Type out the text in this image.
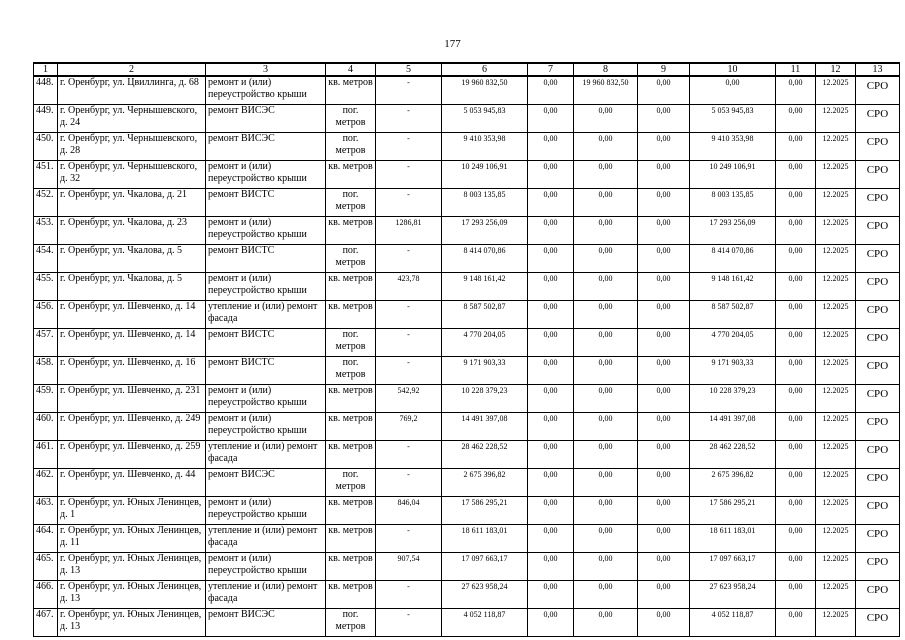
177
1	2	3	4	5	6	7	8	9	10	11	12	13
448.	г. Оренбург, ул. Цвиллинга, д. 68	ремонт и (или) переустройство крыши	кв. метров	-	19 960 832,50	0,00	19 960 832,50	0,00	0,00	0,00	12.2025	СРО
449.	г. Оренбург, ул. Чернышевского, д. 24	ремонт ВИСЭС	пог. метров	-	5 053 945,83	0,00	0,00	0,00	5 053 945,83	0,00	12.2025	СРО
450.	г. Оренбург, ул. Чернышевского, д. 28	ремонт ВИСЭС	пог. метров	-	9 410 353,98	0,00	0,00	0,00	9 410 353,98	0,00	12.2025	СРО
451.	г. Оренбург, ул. Чернышевского, д. 32	ремонт и (или) переустройство крыши	кв. метров	-	10 249 106,91	0,00	0,00	0,00	10 249 106,91	0,00	12.2025	СРО
452.	г. Оренбург, ул. Чкалова, д. 21	ремонт ВИСТС	пог. метров	-	8 003 135,85	0,00	0,00	0,00	8 003 135,85	0,00	12.2025	СРО
453.	г. Оренбург, ул. Чкалова, д. 23	ремонт и (или) переустройство крыши	кв. метров	1286,81	17 293 256,09	0,00	0,00	0,00	17 293 256,09	0,00	12.2025	СРО
454.	г. Оренбург, ул. Чкалова, д. 5	ремонт ВИСТС	пог. метров	-	8 414 070,86	0,00	0,00	0,00	8 414 070,86	0,00	12.2025	СРО
455.	г. Оренбург, ул. Чкалова, д. 5	ремонт и (или) переустройство крыши	кв. метров	423,78	9 148 161,42	0,00	0,00	0,00	9 148 161,42	0,00	12.2025	СРО
456.	г. Оренбург, ул. Шевченко, д. 14	утепление и (или) ремонт фасада	кв. метров	-	8 587 502,87	0,00	0,00	0,00	8 587 502,87	0,00	12.2025	СРО
457.	г. Оренбург, ул. Шевченко, д. 14	ремонт ВИСТС	пог. метров	-	4 770 204,05	0,00	0,00	0,00	4 770 204,05	0,00	12.2025	СРО
458.	г. Оренбург, ул. Шевченко, д. 16	ремонт ВИСТС	пог. метров	-	9 171 903,33	0,00	0,00	0,00	9 171 903,33	0,00	12.2025	СРО
459.	г. Оренбург, ул. Шевченко, д. 231	ремонт и (или) переустройство крыши	кв. метров	542,92	10 228 379,23	0,00	0,00	0,00	10 228 379,23	0,00	12.2025	СРО
460.	г. Оренбург, ул. Шевченко, д. 249	ремонт и (или) переустройство крыши	кв. метров	769,2	14 491 397,08	0,00	0,00	0,00	14 491 397,08	0,00	12.2025	СРО
461.	г. Оренбург, ул. Шевченко, д. 259	утепление и (или) ремонт фасада	кв. метров	-	28 462 228,52	0,00	0,00	0,00	28 462 228,52	0,00	12.2025	СРО
462.	г. Оренбург, ул. Шевченко, д. 44	ремонт ВИСЭС	пог. метров	-	2 675 396,82	0,00	0,00	0,00	2 675 396,82	0,00	12.2025	СРО
463.	г. Оренбург, ул. Юных Ленинцев, д. 1	ремонт и (или) переустройство крыши	кв. метров	846,04	17 586 295,21	0,00	0,00	0,00	17 586 295,21	0,00	12.2025	СРО
464.	г. Оренбург, ул. Юных Ленинцев, д. 11	утепление и (или) ремонт фасада	кв. метров	-	18 611 183,01	0,00	0,00	0,00	18 611 183,01	0,00	12.2025	СРО
465.	г. Оренбург, ул. Юных Ленинцев, д. 13	ремонт и (или) переустройство крыши	кв. метров	907,54	17 097 663,17	0,00	0,00	0,00	17 097 663,17	0,00	12.2025	СРО
466.	г. Оренбург, ул. Юных Ленинцев, д. 13	утепление и (или) ремонт фасада	кв. метров	-	27 623 958,24	0,00	0,00	0,00	27 623 958,24	0,00	12.2025	СРО
467.	г. Оренбург, ул. Юных Ленинцев, д. 13	ремонт ВИСЭС	пог. метров	-	4 052 118,87	0,00	0,00	0,00	4 052 118,87	0,00	12.2025	СРО
